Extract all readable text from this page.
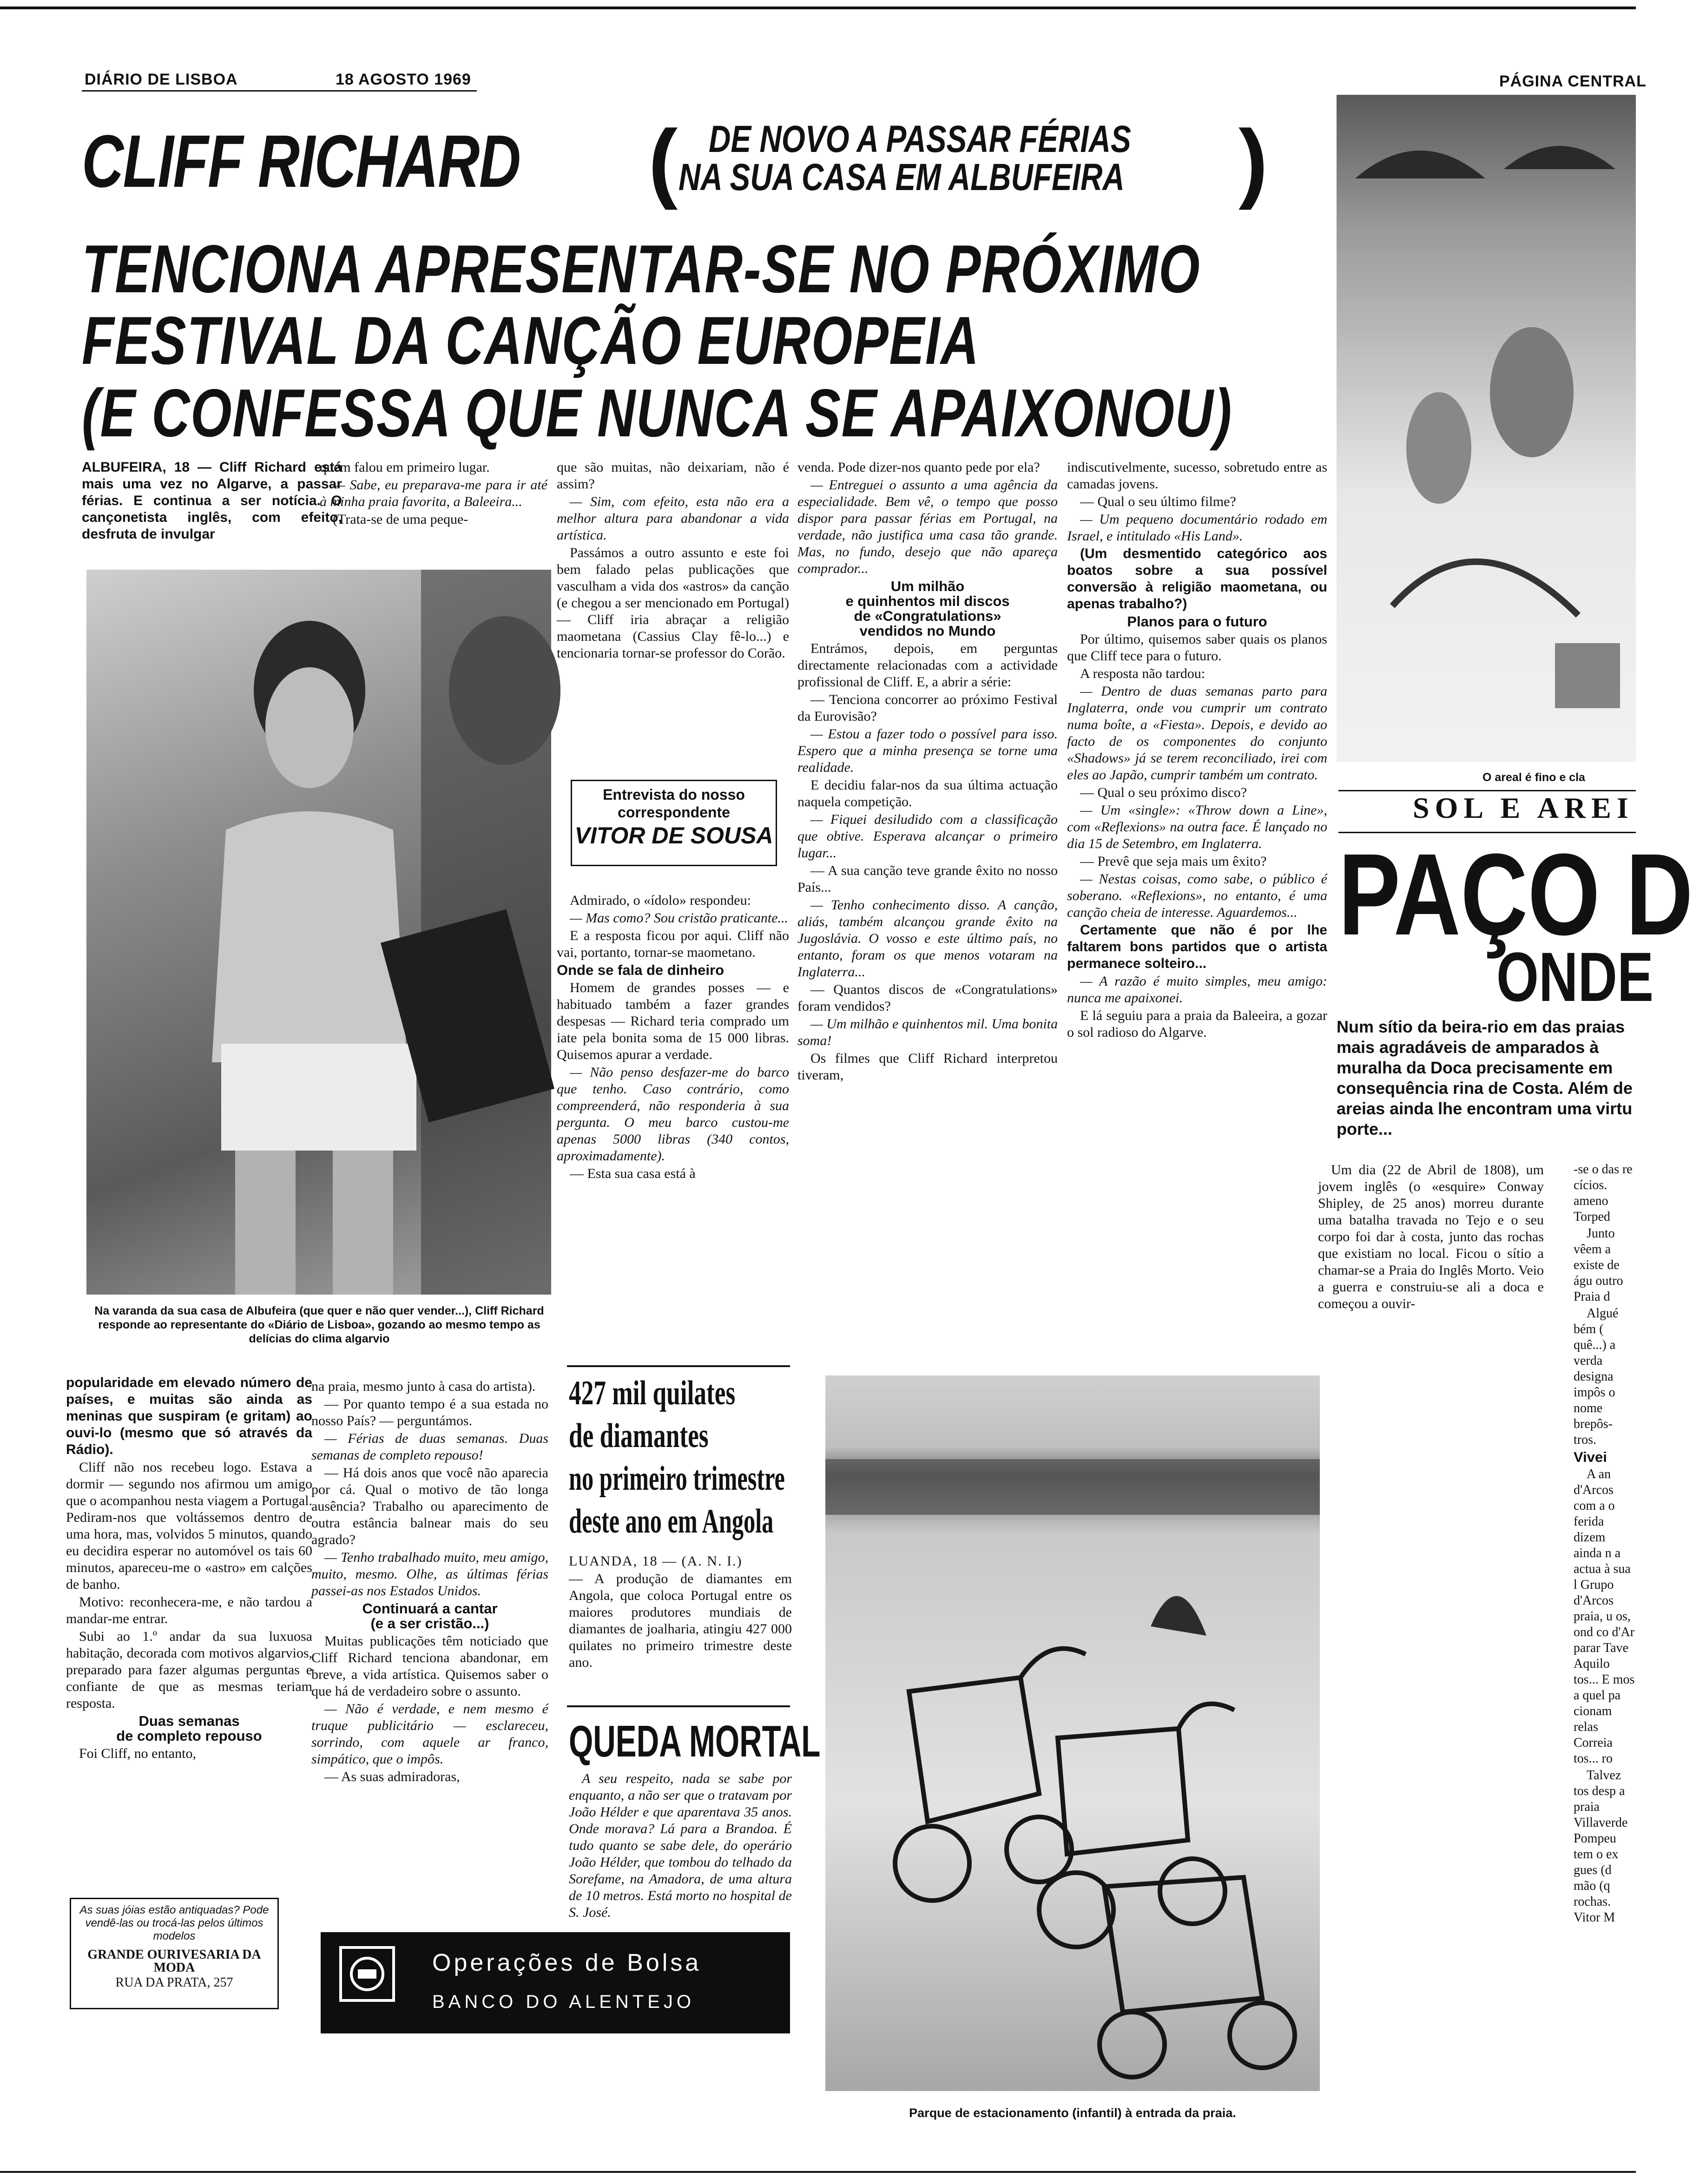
DIÁRIO DE LISBOA	18 AGOSTO 1969	PÁGINA CENTRAL
CLIFF RICHARD ( DE NOVO A PASSAR FÉRIAS
NA SUA CASA EM ALBUFEIRA )
TENCIONA APRESENTAR-SE NO PRÓXIMO
FESTIVAL DA CANÇÃO EUROPEIA
(E CONFESSA QUE NUNCA SE APAIXONOU)

ALBUFEIRA, 18 — Cliff Richard está mais uma vez no Algarve, a passar férias. E continua a ser notícia. O cançonetista inglês, com efeito, desfruta de invulgar

quem falou em primeiro lugar.

— Sabe, eu preparava-me para ir até à minha praia favorita, a Baleeira...

(Trata-se de uma peque-

Na varanda da sua casa de Albufeira (que quer e não quer vender...), Cliff Richard responde ao representante do «Diário de Lisboa», gozando ao mesmo tempo as delícias do clima algarvio

popularidade em elevado número de países, e muitas são ainda as meninas que suspiram (e gritam) ao ouvi-lo (mesmo que só através da Rádio).

Cliff não nos recebeu logo. Estava a dormir — segundo nos afirmou um amigo que o acompanhou nesta viagem a Portugal. Pediram-nos que voltássemos dentro de uma hora, mas, volvidos 5 minutos, quando eu decidira esperar no automóvel os tais 60 minutos, apareceu-me o «astro» em calções de banho.

Motivo: reconhecera-me, e não tardou a mandar-me entrar.

Subi ao 1.º andar da sua luxuosa habitação, decorada com motivos algarvios, preparado para fazer algumas perguntas e confiante de que as mesmas teriam resposta.

Duas semanas

de completo repouso

Foi Cliff, no entanto,

na praia, mesmo junto à casa do artista).

— Por quanto tempo é a sua estada no nosso País? — perguntámos.

— Férias de duas semanas. Duas semanas de completo repouso!

— Há dois anos que você não aparecia por cá. Qual o motivo de tão longa ausência? Trabalho ou aparecimento de outra estância balnear mais do seu agrado?

— Tenho trabalhado muito, meu amigo, muito, mesmo. Olhe, as últimas férias passei-as nos Estados Unidos.

Continuará a cantar

(e a ser cristão...)

Muitas publicações têm noticiado que Cliff Richard tenciona abandonar, em breve, a vida artística. Quisemos saber o que há de verdadeiro sobre o assunto.

— Não é verdade, e nem mesmo é truque publicitário — esclareceu, sorrindo, com aquele ar franco, simpático, que o impôs.

— As suas admiradoras,

As suas jóias estão antiquadas? Pode vendê-las ou trocá-las pelos últimos modelos
GRANDE OURIVESARIA DA MODA
RUA DA PRATA, 257
Operações de Bolsa
BANCO DO ALENTEJO

que são muitas, não deixariam, não é assim?

— Sim, com efeito, esta não era a melhor altura para abandonar a vida artística.

Passámos a outro assunto e este foi bem falado pelas publicações que vasculham a vida dos «astros» da canção (e chegou a ser mencionado em Portugal) — Cliff iria abraçar a religião maometana (Cassius Clay fê-lo...) e tencionaria tornar-se professor do Corão.

Entrevista do nosso
correspondente
VITOR DE SOUSA

Admirado, o «ídolo» respondeu:

— Mas como? Sou cristão praticante...

E a resposta ficou por aqui. Cliff não vai, portanto, tornar-se maometano.

Onde se fala de dinheiro

Homem de grandes posses — e habituado também a fazer grandes despesas — Richard teria comprado um iate pela bonita soma de 15 000 libras. Quisemos apurar a verdade.

— Não penso desfazer-me do barco que tenho. Caso contrário, como compreenderá, não responderia à sua pergunta. O meu barco custou-me apenas 5000 libras (340 contos, aproximadamente).

— Esta sua casa está à

427 mil quilates
de diamantes
no primeiro trimestre
deste ano em Angola

LUANDA, 18 — (A. N. I.)

— A produção de diamantes em Angola, que coloca Portugal entre os maiores produtores mundiais de diamantes de joalharia, atingiu 427 000 quilates no primeiro trimestre deste ano.

QUEDA MORTAL

A seu respeito, nada se sabe por enquanto, a não ser que o tratavam por João Hélder e que aparentava 35 anos. Onde morava? Lá para a Brandoa. É tudo quanto se sabe dele, do operário João Hélder, que tombou do telhado da Sorefame, na Amadora, de uma altura de 10 metros. Está morto no hospital de S. José.

venda. Pode dizer-nos quanto pede por ela?

— Entreguei o assunto a uma agência da especialidade. Bem vê, o tempo que posso dispor para passar férias em Portugal, na verdade, não justifica uma casa tão grande. Mas, no fundo, desejo que não apareça comprador...

Um milhão

e quinhentos mil discos

de «Congratulations»

vendidos no Mundo

Entrámos, depois, em perguntas directamente relacionadas com a actividade profissional de Cliff. E, a abrir a série:

— Tenciona concorrer ao próximo Festival da Eurovisão?

— Estou a fazer todo o possível para isso. Espero que a minha presença se torne uma realidade.

E decidiu falar-nos da sua última actuação naquela competição.

— Fiquei desiludido com a classificação que obtive. Esperava alcançar o primeiro lugar...

— A sua canção teve grande êxito no nosso País...

— Tenho conhecimento disso. A canção, aliás, também alcançou grande êxito na Jugoslávia. O vosso e este último país, no entanto, foram os que menos votaram na Inglaterra...

— Quantos discos de «Congratulations» foram vendidos?

— Um milhão e quinhentos mil. Uma bonita soma!

Os filmes que Cliff Richard interpretou tiveram,

indiscutivelmente, sucesso, sobretudo entre as camadas jovens.

— Qual o seu último filme?

— Um pequeno documentário rodado em Israel, e intitulado «His Land».

(Um desmentido categórico aos boatos sobre a sua possível conversão à religião maometana, ou apenas trabalho?)

Planos para o futuro

Por último, quisemos saber quais os planos que Cliff tece para o futuro.

A resposta não tardou:

— Dentro de duas semanas parto para Inglaterra, onde vou cumprir um contrato numa boîte, a «Fiesta». Depois, e devido ao facto de os componentes do conjunto «Shadows» já se terem reconciliado, irei com eles ao Japão, cumprir também um contrato.

— Qual o seu próximo disco?

— Um «single»: «Throw down a Line», com «Reflexions» na outra face. É lançado no dia 15 de Setembro, em Inglaterra.

— Prevê que seja mais um êxito?

— Nestas coisas, como sabe, o público é soberano. «Reflexions», no entanto, é uma canção cheia de interesse. Aguardemos...

Certamente que não é por lhe faltarem bons partidos que o artista permanece solteiro...

— A razão é muito simples, meu amigo: nunca me apaixonei.

E lá seguiu para a praia da Baleeira, a gozar o sol radioso do Algarve.

Parque de estacionamento (infantil) à entrada da praia.
O areal é fino e cla
SOL E AREI
PAÇO D
ONDE
Num sítio da beira-rio em das praias mais agradáveis de amparados à muralha da Doca precisamente em consequência rina de Costa. Além de areias ainda lhe encontram uma virtu porte...

Um dia (22 de Abril de 1808), um jovem inglês (o «esquire» Conway Shipley, de 25 anos) morreu durante uma batalha travada no Tejo e o seu corpo foi dar à costa, junto das rochas que existiam no local. Ficou o sítio a chamar-se a Praia do Inglês Morto. Veio a guerra e construiu-se ali a doca e começou a ouvir-

-se o das re cícios. ameno Torped

Junto vêem a existe de águ outro Praia d

Algué bém ( quê...) a verda designa impôs o nome brepôs- tros.

Vivei

A an d'Arcos com a o ferida dizem ainda n a actua à sua l Grupo d'Arcos praia, u os, ond co d'Ar parar Tave Aquilo tos... E mos a quel pa cionam relas Correia tos... ro

Talvez tos desp a praia Villaverde Pompeu tem o ex gues (d mão (q rochas. Vitor M
